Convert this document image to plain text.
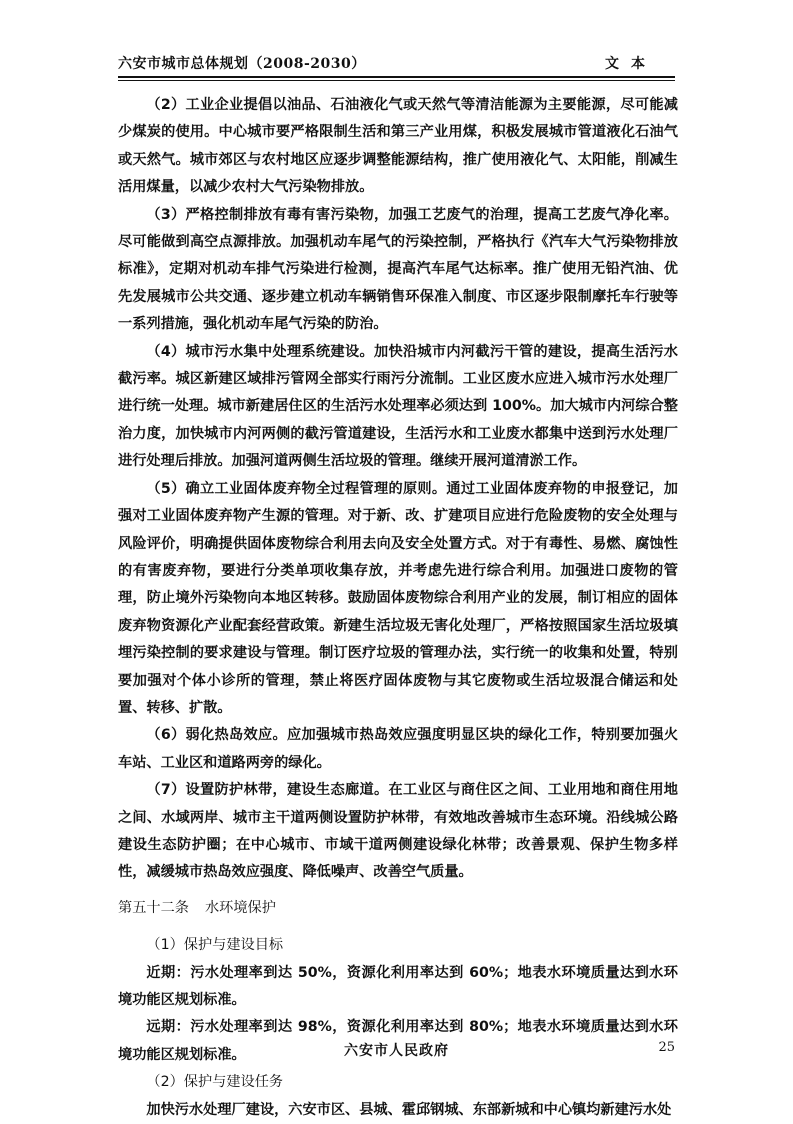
六安市城市总体规划（2008-2030）	文本

（2）工业企业提倡以油品、石油液化气或天然气等清洁能源为主要能源，尽可能减少煤炭的使用。中心城市要严格限制生活和第三产业用煤，积极发展城市管道液化石油气或天然气。城市郊区与农村地区应逐步调整能源结构，推广使用液化气、太阳能，削减生活用煤量，以减少农村大气污染物排放。

（3）严格控制排放有毒有害污染物，加强工艺废气的治理，提高工艺废气净化率。尽可能做到高空点源排放。加强机动车尾气的污染控制，严格执行《汽车大气污染物排放标准》，定期对机动车排气污染进行检测，提高汽车尾气达标率。推广使用无铅汽油、优先发展城市公共交通、逐步建立机动车辆销售环保准入制度、市区逐步限制摩托车行驶等一系列措施，强化机动车尾气污染的防治。

（4）城市污水集中处理系统建设。加快沿城市内河截污干管的建设，提高生活污水截污率。城区新建区域排污管网全部实行雨污分流制。工业区废水应进入城市污水处理厂进行统一处理。城市新建居住区的生活污水处理率必须达到 100%。加大城市内河综合整治力度，加快城市内河两侧的截污管道建设，生活污水和工业废水都集中送到污水处理厂进行处理后排放。加强河道两侧生活垃圾的管理。继续开展河道清淤工作。

（5）确立工业固体废弃物全过程管理的原则。通过工业固体废弃物的申报登记，加强对工业固体废弃物产生源的管理。对于新、改、扩建项目应进行危险废物的安全处理与风险评价，明确提供固体废物综合利用去向及安全处置方式。对于有毒性、易燃、腐蚀性的有害废弃物，要进行分类单项收集存放，并考虑先进行综合利用。加强进口废物的管理，防止境外污染物向本地区转移。鼓励固体废物综合利用产业的发展，制订相应的固体废弃物资源化产业配套经营政策。新建生活垃圾无害化处理厂，严格按照国家生活垃圾填埋污染控制的要求建设与管理。制订医疗垃圾的管理办法，实行统一的收集和处置，特别要加强对个体小诊所的管理，禁止将医疗固体废物与其它废物或生活垃圾混合储运和处置、转移、扩散。

（6）弱化热岛效应。应加强城市热岛效应强度明显区块的绿化工作，特别要加强火车站、工业区和道路两旁的绿化。

（7）设置防护林带，建设生态廊道。在工业区与商住区之间、工业用地和商住用地之间、水域两岸、城市主干道两侧设置防护林带，有效地改善城市生态环境。沿线城公路建设生态防护圈；在中心城市、市域干道两侧建设绿化林带；改善景观、保护生物多样性，减缓城市热岛效应强度、降低噪声、改善空气质量。

第五十二条 水环境保护

（1）保护与建设目标

近期：污水处理率到达 50%，资源化利用率达到 60%；地表水环境质量达到水环境功能区规划标准。

远期：污水处理率到达 98%，资源化利用率达到 80%；地表水环境质量达到水环境功能区规划标准。

（2）保护与建设任务

加快污水处理厂建设，六安市区、县城、霍邱钢城、东部新城和中心镇均新建污水处

六安市人民政府	25
